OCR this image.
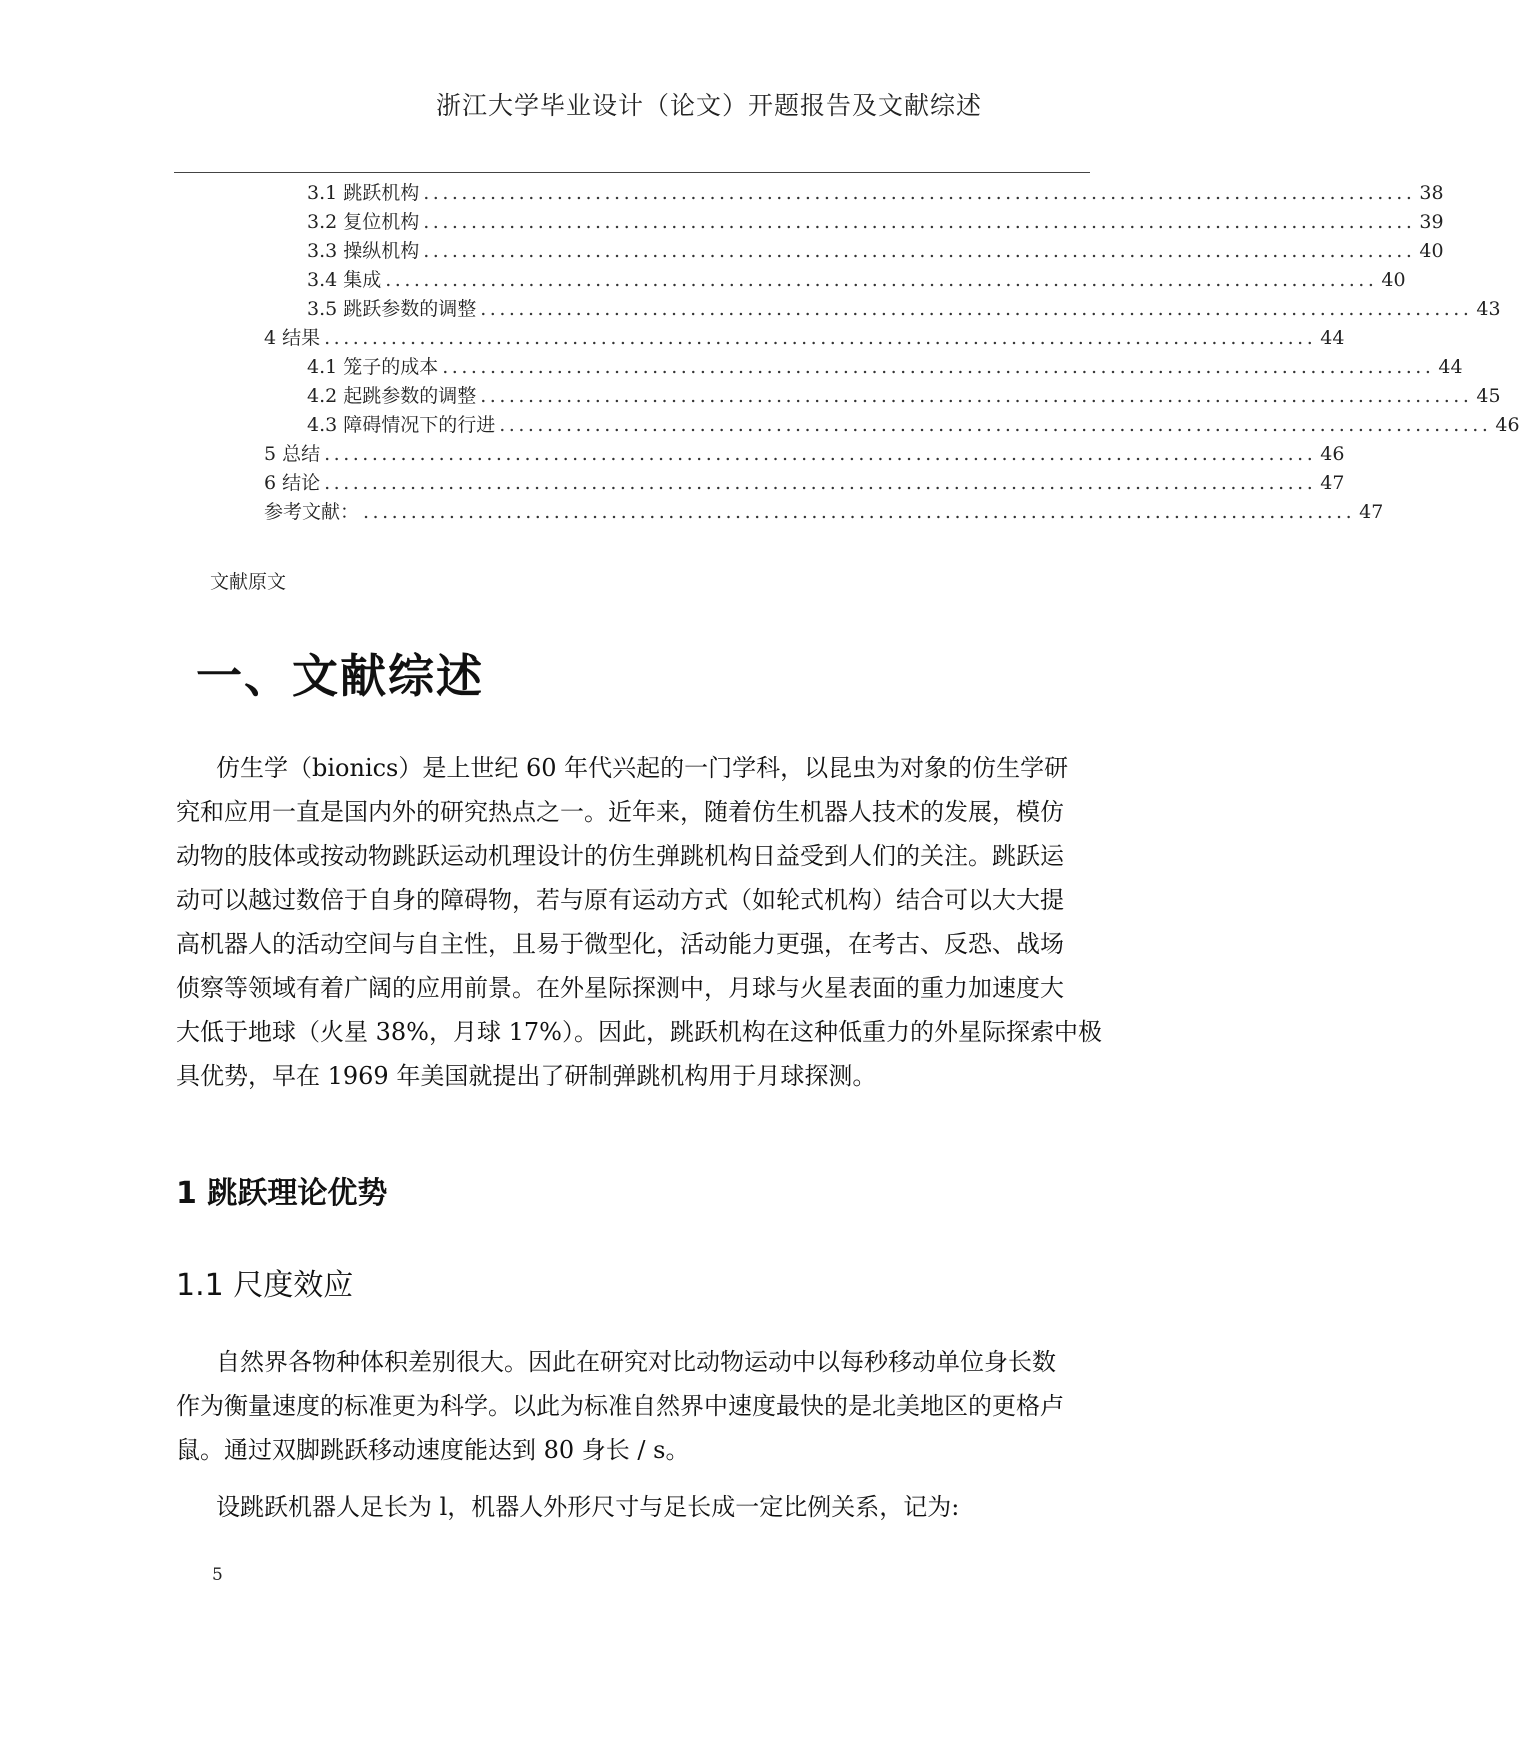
浙江大学毕业设计（论文）开题报告及文献综述
3.1 跳跃机构 ........................................................................................................ 38
3.2 复位机构 ........................................................................................................ 39
3.3 操纵机构 ........................................................................................................ 40
3.4 集成 ........................................................................................................ 40
3.5 跳跃参数的调整 ........................................................................................................ 43
4 结果 ........................................................................................................ 44
4.1 笼子的成本 ........................................................................................................ 44
4.2 起跳参数的调整 ........................................................................................................ 45
4.3 障碍情况下的行进 ........................................................................................................ 46
5 总结 ........................................................................................................ 46
6 结论 ........................................................................................................ 47
参考文献： ........................................................................................................ 47
文献原文
一、文献综述
仿生学（bionics）是上世纪 60 年代兴起的一门学科，以昆虫为对象的仿生学研
究和应用一直是国内外的研究热点之一。近年来，随着仿生机器人技术的发展，模仿
动物的肢体或按动物跳跃运动机理设计的仿生弹跳机构日益受到人们的关注。跳跃运
动可以越过数倍于自身的障碍物，若与原有运动方式（如轮式机构）结合可以大大提
高机器人的活动空间与自主性，且易于微型化，活动能力更强，在考古、反恐、战场
侦察等领域有着广阔的应用前景。在外星际探测中，月球与火星表面的重力加速度大
大低于地球（火星 38%，月球 17%）。因此，跳跃机构在这种低重力的外星际探索中极
具优势，早在 1969 年美国就提出了研制弹跳机构用于月球探测。
1 跳跃理论优势
1.1 尺度效应
自然界各物种体积差别很大。因此在研究对比动物运动中以每秒移动单位身长数
作为衡量速度的标准更为科学。以此为标准自然界中速度最快的是北美地区的更格卢
鼠。通过双脚跳跃移动速度能达到 80 身长 / s。
设跳跃机器人足长为 l，机器人外形尺寸与足长成一定比例关系，记为:
5
